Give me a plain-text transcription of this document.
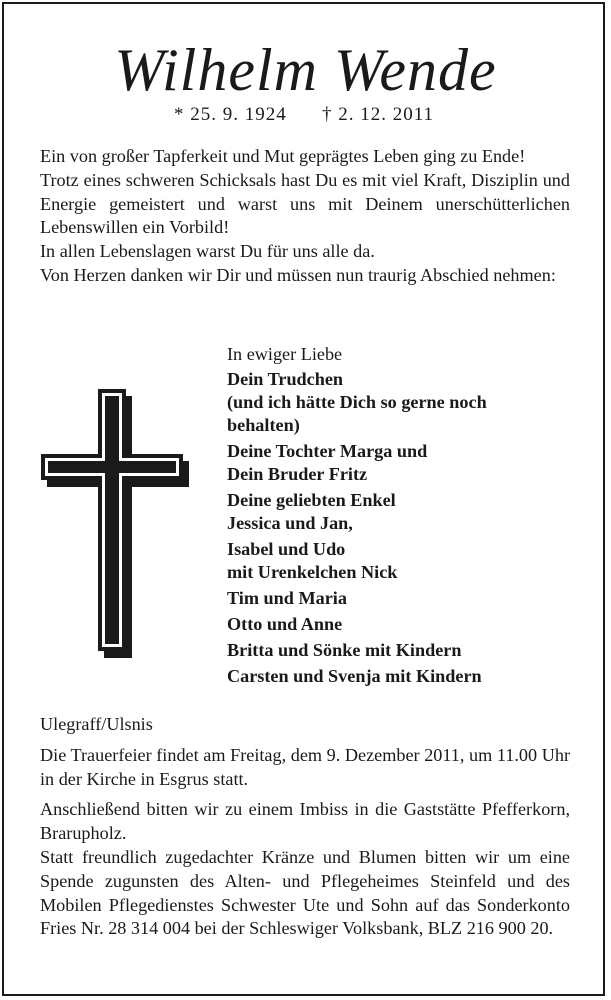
Wilhelm Wende
* 25. 9. 1924 † 2. 12. 2011
Ein von großer Tapferkeit und Mut geprägtes Leben ging zu Ende!
Trotz eines schweren Schicksals hast Du es mit viel Kraft, Disziplin und Energie gemeistert und warst uns mit Deinem unerschütterlichen Lebenswillen ein Vorbild!
In allen Lebenslagen warst Du für uns alle da.
Von Herzen danken wir Dir und müssen nun traurig Abschied nehmen:

In ewiger Liebe

Dein Trudchen
(und ich hätte Dich so gerne noch
behalten)
Deine Tochter Marga und
Dein Bruder Fritz
Deine geliebten Enkel
Jessica und Jan,
Isabel und Udo
mit Urenkelchen Nick
Tim und Maria
Otto und Anne
Britta und Sönke mit Kindern
Carsten und Svenja mit Kindern

Ulegraff/Ulsnis

Die Trauerfeier findet am Freitag, dem 9. Dezember 2011, um 11.00 Uhr in der Kirche in Esgrus statt.

Anschließend bitten wir zu einem Imbiss in die Gaststätte Pfefferkorn, Brarupholz.

Statt freundlich zugedachter Kränze und Blumen bitten wir um eine Spende zugunsten des Alten- und Pflegeheimes Steinfeld und des Mobilen Pflegedienstes Schwester Ute und Sohn auf das Sonderkonto Fries Nr. 28 314 004 bei der Schleswiger Volksbank, BLZ 216 900 20.
